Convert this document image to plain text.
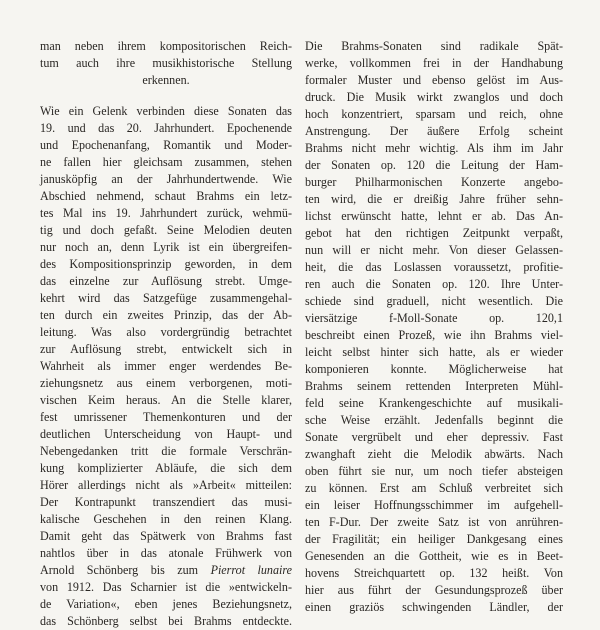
man neben ihrem kompositorischen Reich-
tum auch ihre musikhistorische Stellung
erkennen.
Wie ein Gelenk verbinden diese Sonaten das
19. und das 20. Jahrhundert. Epochenende
und Epochenanfang, Romantik und Moder-
ne fallen hier gleichsam zusammen, stehen
janusköpfig an der Jahrhundertwende. Wie
Abschied nehmend, schaut Brahms ein letz-
tes Mal ins 19. Jahrhundert zurück, wehmü-
tig und doch gefaßt. Seine Melodien deuten
nur noch an, denn Lyrik ist ein übergreifen-
des Kompositionsprinzip geworden, in dem
das einzelne zur Auflösung strebt. Umge-
kehrt wird das Satzgefüge zusammengehal-
ten durch ein zweites Prinzip, das der Ab-
leitung. Was also vordergründig betrachtet
zur Auflösung strebt, entwickelt sich in
Wahrheit als immer enger werdendes Be-
ziehungsnetz aus einem verborgenen, moti-
vischen Keim heraus. An die Stelle klarer,
fest umrissener Themenkonturen und der
deutlichen Unterscheidung von Haupt- und
Nebengedanken tritt die formale Verschrän-
kung komplizierter Abläufe, die sich dem
Hörer allerdings nicht als »Arbeit« mitteilen:
Der Kontrapunkt transzendiert das musi-
kalische Geschehen in den reinen Klang.
Damit geht das Spätwerk von Brahms fast
nahtlos über in das atonale Frühwerk von
Arnold Schönberg bis zum Pierrot lunaire
von 1912. Das Scharnier ist die »entwickeln-
de Variation«, eben jenes Beziehungsnetz,
das Schönberg selbst bei Brahms entdeckte.
Die Brahms-Sonaten sind radikale Spät-
werke, vollkommen frei in der Handhabung
formaler Muster und ebenso gelöst im Aus-
druck. Die Musik wirkt zwanglos und doch
hoch konzentriert, sparsam und reich, ohne
Anstrengung. Der äußere Erfolg scheint
Brahms nicht mehr wichtig. Als ihm im Jahr
der Sonaten op. 120 die Leitung der Ham-
burger Philharmonischen Konzerte angebo-
ten wird, die er dreißig Jahre früher sehn-
lichst erwünscht hatte, lehnt er ab. Das An-
gebot hat den richtigen Zeitpunkt verpaßt,
nun will er nicht mehr. Von dieser Gelassen-
heit, die das Loslassen voraussetzt, profitie-
ren auch die Sonaten op. 120. Ihre Unter-
schiede sind graduell, nicht wesentlich. Die
viersätzige f-Moll-Sonate op. 120,1
beschreibt einen Prozeß, wie ihn Brahms viel-
leicht selbst hinter sich hatte, als er wieder
komponieren konnte. Möglicherweise hat
Brahms seinem rettenden Interpreten Mühl-
feld seine Krankengeschichte auf musikali-
sche Weise erzählt. Jedenfalls beginnt die
Sonate vergrübelt und eher depressiv. Fast
zwanghaft zieht die Melodik abwärts. Nach
oben führt sie nur, um noch tiefer absteigen
zu können. Erst am Schluß verbreitet sich
ein leiser Hoffnungsschimmer im aufgehell-
ten F-Dur. Der zweite Satz ist von anrühren-
der Fragilität; ein heiliger Dankgesang eines
Genesenden an die Gottheit, wie es in Beet-
hovens Streichquartett op. 132 heißt. Von
hier aus führt der Gesundungsprozeß über
einen graziös schwingenden Ländler, der
